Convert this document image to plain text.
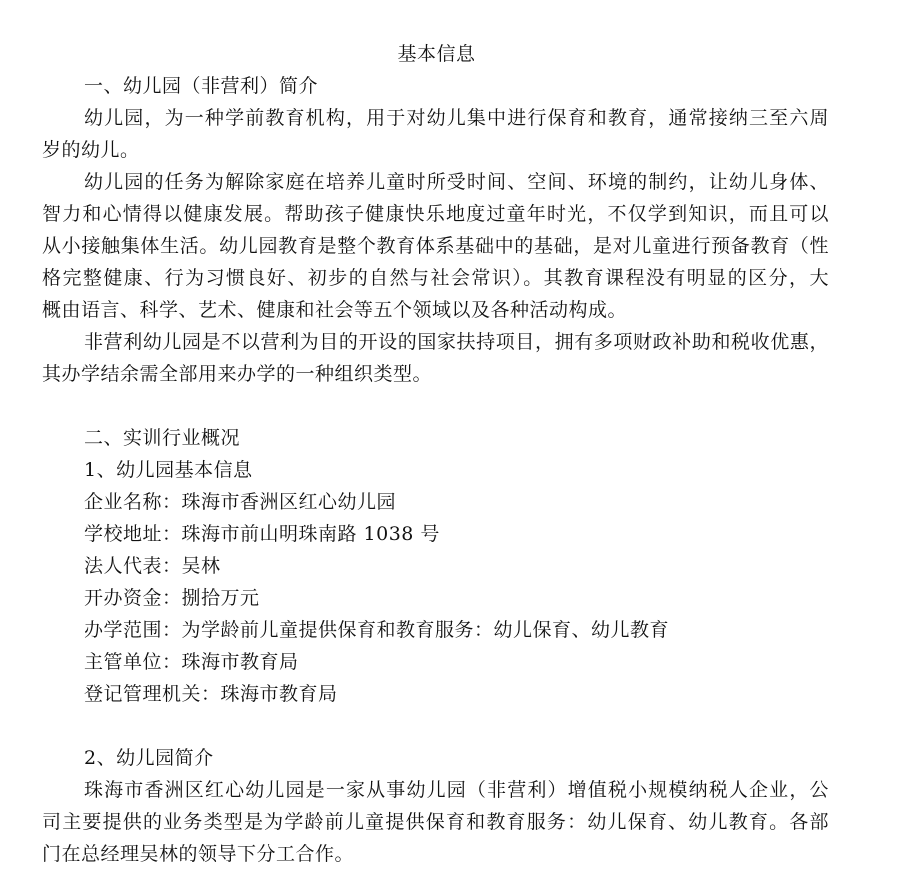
基本信息
一、幼儿园（非营利）简介
幼儿园，为一种学前教育机构，用于对幼儿集中进行保育和教育，通常接纳三至六周
岁的幼儿。
幼儿园的任务为解除家庭在培养儿童时所受时间、空间、环境的制约，让幼儿身体、
智力和心情得以健康发展。帮助孩子健康快乐地度过童年时光，不仅学到知识，而且可以
从小接触集体生活。幼儿园教育是整个教育体系基础中的基础，是对儿童进行预备教育（性
格完整健康、行为习惯良好、初步的自然与社会常识）。其教育课程没有明显的区分，大
概由语言、科学、艺术、健康和社会等五个领域以及各种活动构成。
非营利幼儿园是不以营利为目的开设的国家扶持项目，拥有多项财政补助和税收优惠，
其办学结余需全部用来办学的一种组织类型。
二、实训行业概况
1、幼儿园基本信息
企业名称：珠海市香洲区红心幼儿园
学校地址：珠海市前山明珠南路 1038 号
法人代表：吴林
开办资金：捌拾万元
办学范围：为学龄前儿童提供保育和教育服务：幼儿保育、幼儿教育
主管单位：珠海市教育局
登记管理机关：珠海市教育局
2、幼儿园简介
珠海市香洲区红心幼儿园是一家从事幼儿园（非营利）增值税小规模纳税人企业，公
司主要提供的业务类型是为学龄前儿童提供保育和教育服务：幼儿保育、幼儿教育。各部
门在总经理吴林的领导下分工合作。
